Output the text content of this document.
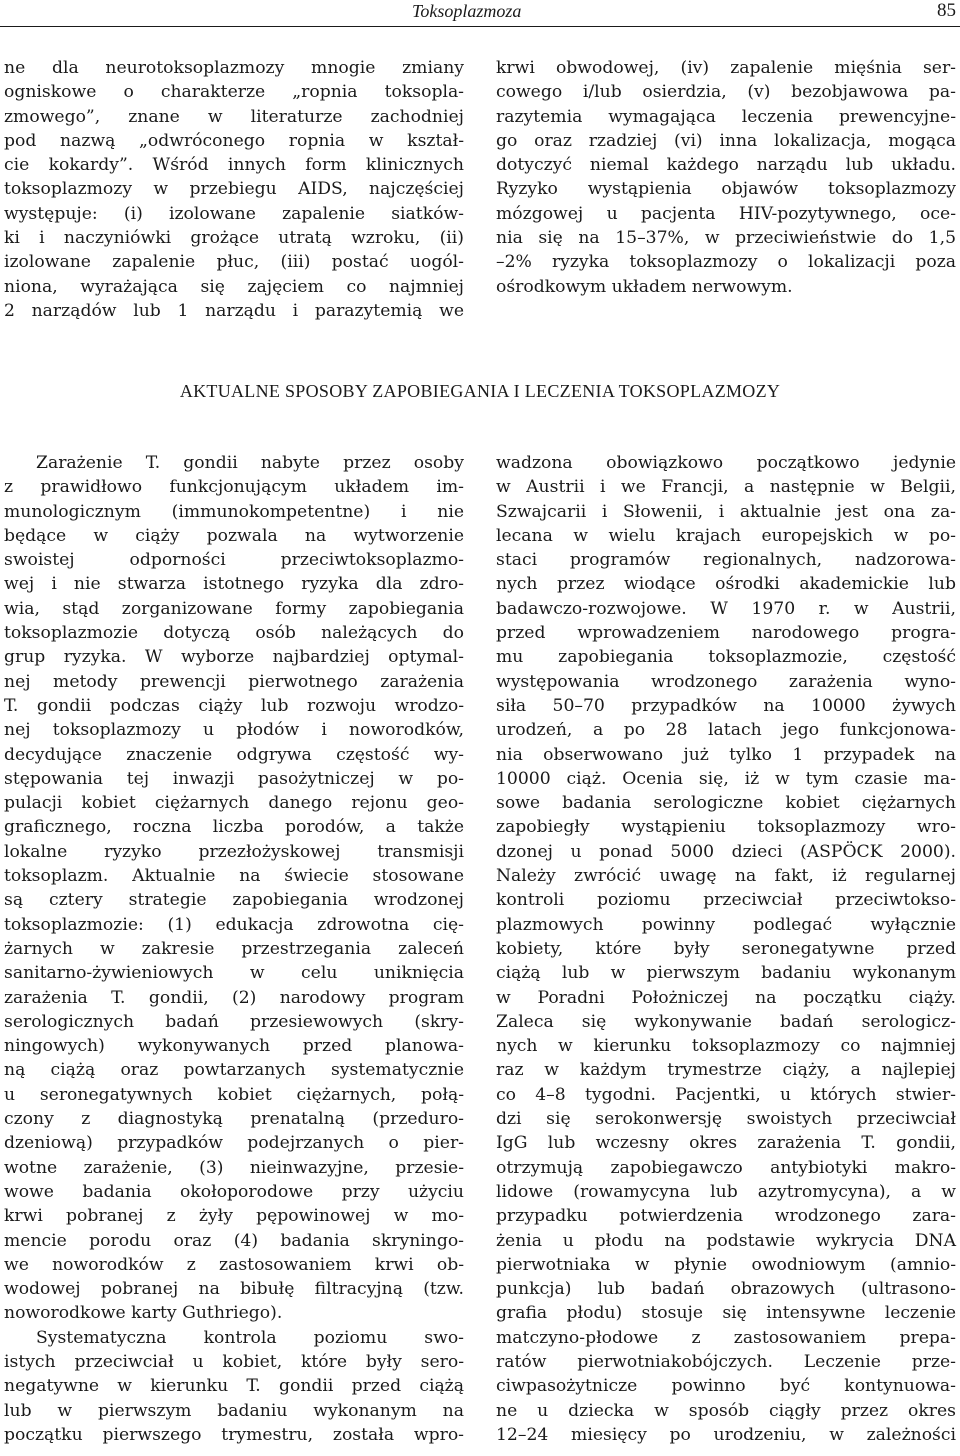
Toksoplazmoza	85
ne dla neurotoksoplazmozy mnogie zmiany
ogniskowe o charakterze „ropnia toksopla-
zmowego”, znane w literaturze zachodniej
pod nazwą „odwróconego ropnia w kształ-
cie kokardy”. Wśród innych form klinicznych
toksoplazmozy w przebiegu AIDS, najczęściej
występuje: (i) izolowane zapalenie siatków-
ki i naczyniówki grożące utratą wzroku, (ii)
izolowane zapalenie płuc, (iii) postać uogól-
niona, wyrażająca się zajęciem co najmniej
2 narządów lub 1 narządu i parazytemią we
krwi obwodowej, (iv) zapalenie mięśnia ser-
cowego i/lub osierdzia, (v) bezobjawowa pa-
razytemia wymagająca leczenia prewencyjne-
go oraz rzadziej (vi) inna lokalizacja, mogąca
dotyczyć niemal każdego narządu lub układu.
Ryzyko wystąpienia objawów toksoplazmozy
mózgowej u pacjenta HIV-pozytywnego, oce-
nia się na 15–37%, w przeciwieństwie do 1,5
–2% ryzyka toksoplazmozy o lokalizacji poza
ośrodkowym układem nerwowym.
AKTUALNE SPOSOBY ZAPOBIEGANIA I LECZENIA TOKSOPLAZMOZY
Zarażenie T. gondii nabyte przez osoby
z prawidłowo funkcjonującym układem im-
munologicznym (immunokompetentne) i nie
będące w ciąży pozwala na wytworzenie
swoistej odporności przeciwtoksoplazmo-
wej i nie stwarza istotnego ryzyka dla zdro-
wia, stąd zorganizowane formy zapobiegania
toksoplazmozie dotyczą osób należących do
grup ryzyka. W wyborze najbardziej optymal-
nej metody prewencji pierwotnego zarażenia
T. gondii podczas ciąży lub rozwoju wrodzo-
nej toksoplazmozy u płodów i noworodków,
decydujące znaczenie odgrywa częstość wy-
stępowania tej inwazji pasożytniczej w po-
pulacji kobiet ciężarnych danego rejonu geo-
graficznego, roczna liczba porodów, a także
lokalne ryzyko przezłożyskowej transmisji
toksoplazm. Aktualnie na świecie stosowane
są cztery strategie zapobiegania wrodzonej
toksoplazmozie: (1) edukacja zdrowotna cię-
żarnych w zakresie przestrzegania zaleceń
sanitarno-żywieniowych w celu uniknięcia
zarażenia T. gondii, (2) narodowy program
serologicznych badań przesiewowych (skry-
ningowych) wykonywanych przed planowa-
ną ciążą oraz powtarzanych systematycznie
u seronegatywnych kobiet ciężarnych, połą-
czony z diagnostyką prenatalną (przeduro-
dzeniową) przypadków podejrzanych o pier-
wotne zarażenie, (3) nieinwazyjne, przesie-
wowe badania okołoporodowe przy użyciu
krwi pobranej z żyły pępowinowej w mo-
mencie porodu oraz (4) badania skryningo-
we noworodków z zastosowaniem krwi ob-
wodowej pobranej na bibułę filtracyjną (tzw.
noworodkowe karty Guthriego).
Systematyczna kontrola poziomu swo-
istych przeciwciał u kobiet, które były sero-
negatywne w kierunku T. gondii przed ciążą
lub w pierwszym badaniu wykonanym na
początku pierwszego trymestru, została wpro-
wadzona obowiązkowo początkowo jedynie
w Austrii i we Francji, a następnie w Belgii,
Szwajcarii i Słowenii, i aktualnie jest ona za-
lecana w wielu krajach europejskich w po-
staci programów regionalnych, nadzorowa-
nych przez wiodące ośrodki akademickie lub
badawczo-rozwojowe. W 1970 r. w Austrii,
przed wprowadzeniem narodowego progra-
mu zapobiegania toksoplazmozie, częstość
występowania wrodzonego zarażenia wyno-
siła 50–70 przypadków na 10000 żywych
urodzeń, a po 28 latach jego funkcjonowa-
nia obserwowano już tylko 1 przypadek na
10000 ciąż. Ocenia się, iż w tym czasie ma-
sowe badania serologiczne kobiet ciężarnych
zapobiegły wystąpieniu toksoplazmozy wro-
dzonej u ponad 5000 dzieci (ASPÖCK 2000).
Należy zwrócić uwagę na fakt, iż regularnej
kontroli poziomu przeciwciał przeciwtokso-
plazmowych powinny podlegać wyłącznie
kobiety, które były seronegatywne przed
ciążą lub w pierwszym badaniu wykonanym
w Poradni Położniczej na początku ciąży.
Zaleca się wykonywanie badań serologicz-
nych w kierunku toksoplazmozy co najmniej
raz w każdym trymestrze ciąży, a najlepiej
co 4–8 tygodni. Pacjentki, u których stwier-
dzi się serokonwersję swoistych przeciwciał
IgG lub wczesny okres zarażenia T. gondii,
otrzymują zapobiegawczo antybiotyki makro-
lidowe (rowamycyna lub azytromycyna), a w
przypadku potwierdzenia wrodzonego zara-
żenia u płodu na podstawie wykrycia DNA
pierwotniaka w płynie owodniowym (amnio-
punkcja) lub badań obrazowych (ultrasono-
grafia płodu) stosuje się intensywne leczenie
matczyno-płodowe z zastosowaniem prepa-
ratów pierwotniakobójczych. Leczenie prze-
ciwpasożytnicze powinno być kontynuowa-
ne u dziecka w sposób ciągły przez okres
12–24 miesięcy po urodzeniu, w zależności
